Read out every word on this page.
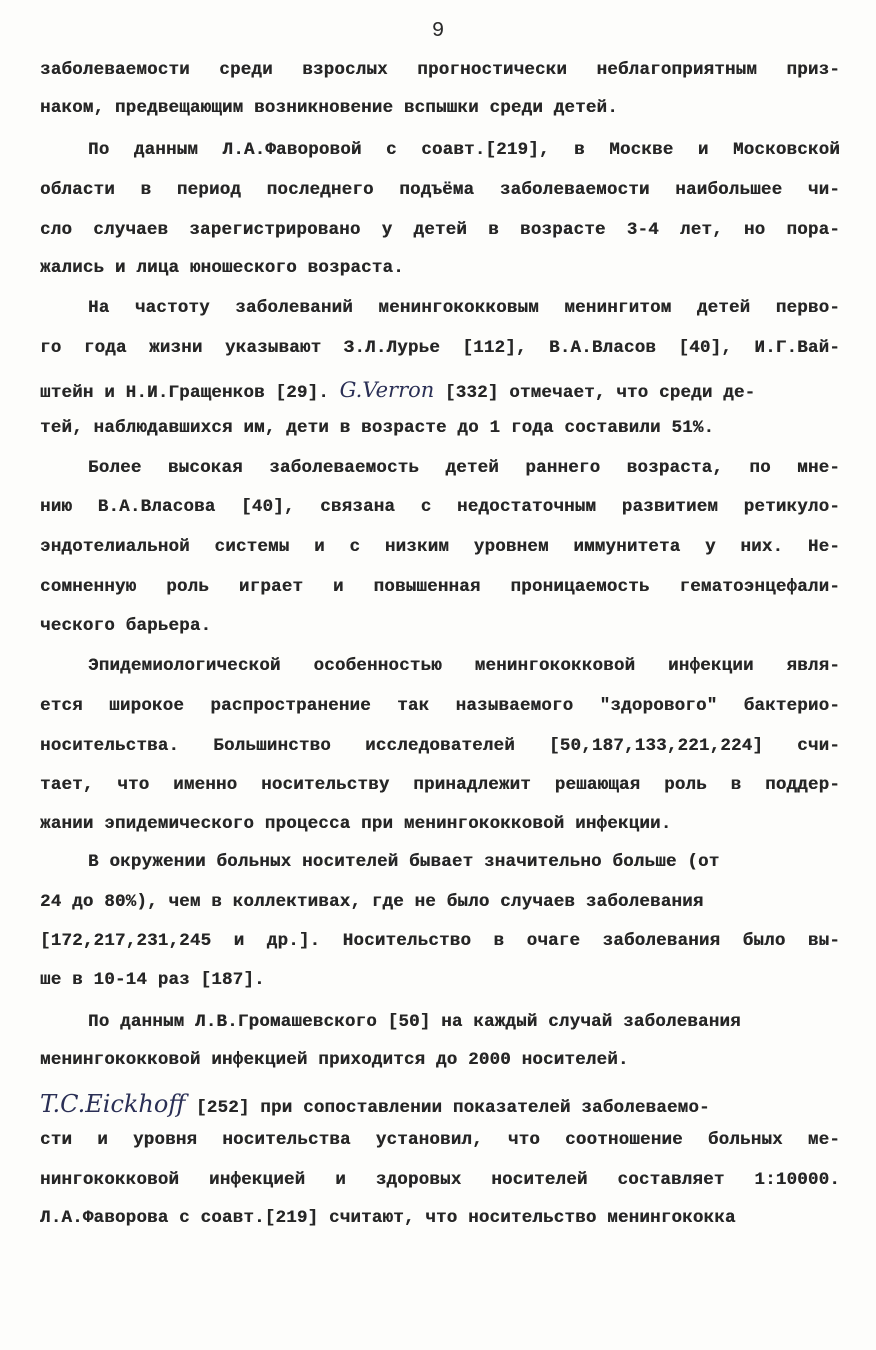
9
заболеваемости среди взрослых прогностически неблагоприятным приз-
наком, предвещающим возникновение вспышки среди детей.
По данным Л.А.Фаворовой с соавт.[219], в Москве и Московской
области в период последнего подъёма заболеваемости наибольшее чи-
сло случаев зарегистрировано у детей в возрасте 3-4 лет, но пора-
жались и лица юношеского возраста.
На частоту заболеваний менингококковым менингитом детей перво-
го года жизни указывают З.Л.Лурье [112], В.А.Власов [40], И.Г.Вай-
штейн и Н.И.Гращенков [29]. G.Verron [332] отмечает, что среди де-
тей, наблюдавшихся им, дети в возрасте до 1 года составили 51%.
Более высокая заболеваемость детей раннего возраста, по мне-
нию В.А.Власова [40], связана с недостаточным развитием ретикуло-
эндотелиальной системы и с низким уровнем иммунитета у них. Не-
сомненную роль играет и повышенная проницаемость гематоэнцефали-
ческого барьера.
Эпидемиологической особенностью менингококковой инфекции явля-
ется широкое распространение так называемого "здорового" бактерио-
носительства. Большинство исследователей [50,187,133,221,224] счи-
тает, что именно носительству принадлежит решающая роль в поддер-
жании эпидемического процесса при менингококковой инфекции.
В окружении больных носителей бывает значительно больше (от
24 до 80%), чем в коллективах, где не было случаев заболевания
[172,217,231,245 и др.]. Носительство в очаге заболевания было вы-
ше в 10-14 раз [187].
По данным Л.В.Громашевского [50] на каждый случай заболевания
менингококковой инфекцией приходится до 2000 носителей.
T.C.Eickhoff [252] при сопоставлении показателей заболеваемо-
сти и уровня носительства установил, что соотношение больных ме-
нингококковой инфекцией и здоровых носителей составляет 1:10000.
Л.А.Фаворова с соавт.[219] считают, что носительство менингококка
